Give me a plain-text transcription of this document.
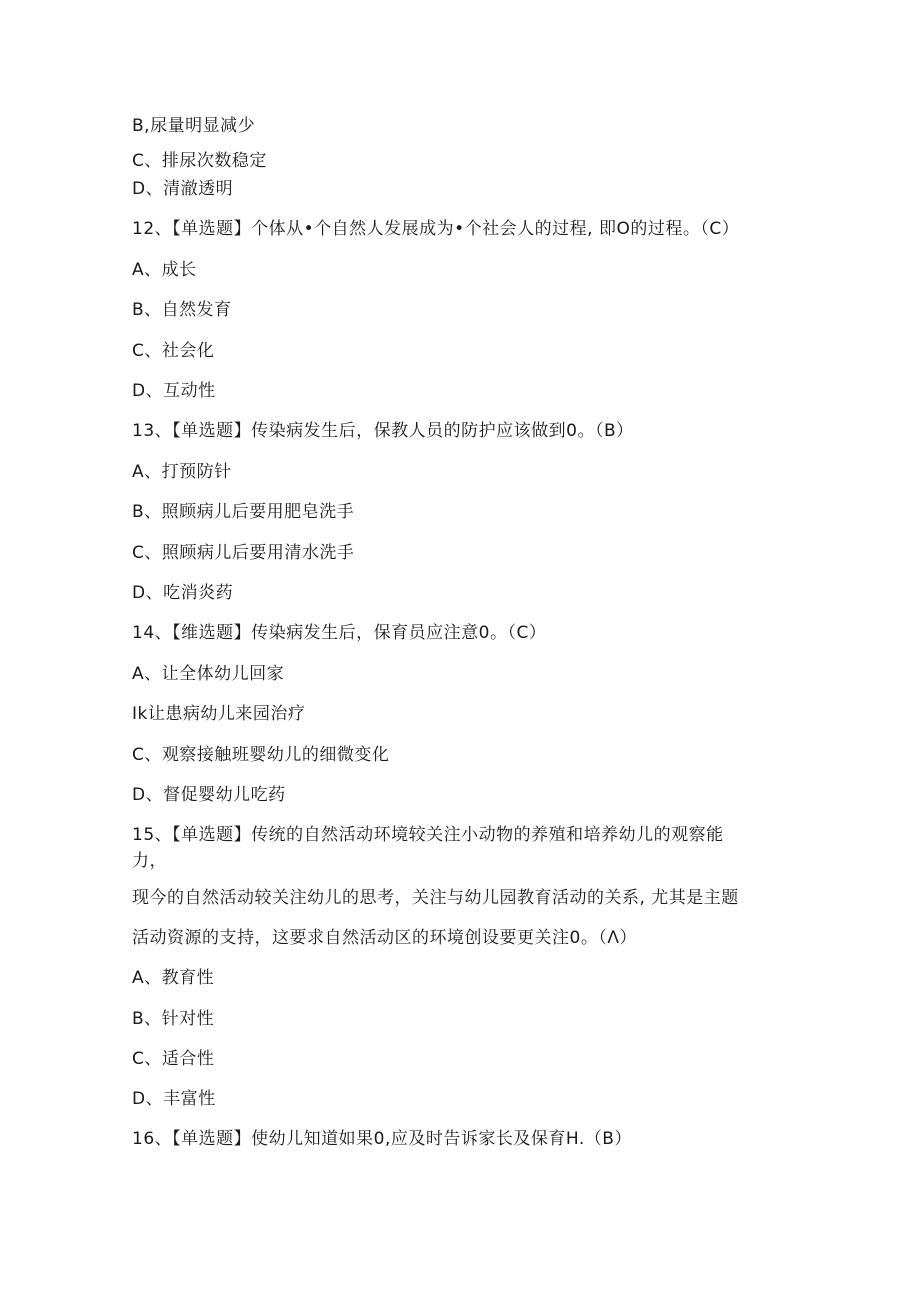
B,尿量明显减少
C、排尿次数稳定
D、清澈透明
12、【单选题】个体从•个自然人发展成为•个社会人的过程, 即O的过程。（C）
A、成长
B、自然发育
C、社会化
D、互动性
13、【单选题】传染病发生后，保教人员的防护应该做到0。（B）
A、打预防针
B、照顾病儿后要用肥皂洗手
C、照顾病儿后要用清水洗手
D、吃消炎药
14、【维选题】传染病发生后，保育员应注意0。（C）
A、让全体幼儿回家
Ik让患病幼儿来园治疗
C、观察接触班婴幼儿的细微变化
D、督促婴幼儿吃药
15、【单选题】传统的自然活动环境较关注小动物的养殖和培养幼儿的观察能
力，
现今的自然活动较关注幼儿的思考，关注与幼儿园教育活动的关系, 尤其是主题
活动资源的支持，这要求自然活动区的环境创设要更关注0。（Λ）
A、教育性
B、针对性
C、适合性
D、丰富性
16、【单选题】使幼儿知道如果0,应及时告诉家长及保育H.（B）
